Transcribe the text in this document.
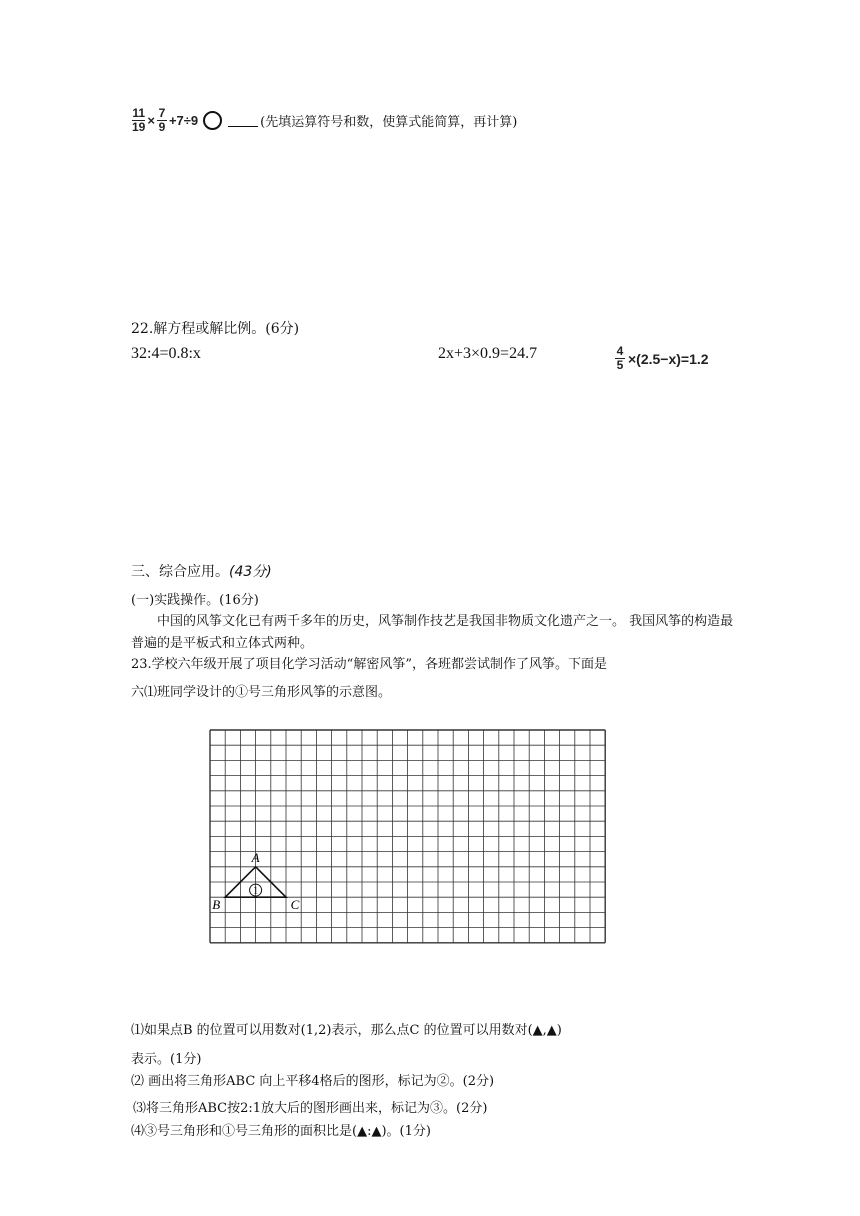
$\frac{11}{19} \times \frac{7}{9} +7\div 9$	(先填运算符号和数，使算式能简算，再计算)
22.解方程或解比例。(6分)
32:4=0.8:x	2x+3×0.9=24.7	$\frac{4}{5} \times(2.5-x)=1.2$
三、综合应用。(43分)
(一)实践操作。(16分)
中国的风筝文化已有两千多年的历史，风筝制作技艺是我国非物质文化遗产之一。 我国风筝的构造最
普遍的是平板式和立体式两种。
23.学校六年级开展了项目化学习活动“解密风筝”，各班都尝试制作了风筝。下面是
六⑴班同学设计的①号三角形风筝的示意图。
1
A
B	C
⑴如果点B 的位置可以用数对(1,2)表示，那么点C 的位置可以用数对(▲,▲)
表示。(1分)
⑵ 画出将三角形ABC 向上平移4格后的图形，标记为②。(2分)
⑶将三角形ABC按2:1放大后的图形画出来，标记为③。(2分)
⑷③号三角形和①号三角形的面积比是(▲:▲)。(1分)
